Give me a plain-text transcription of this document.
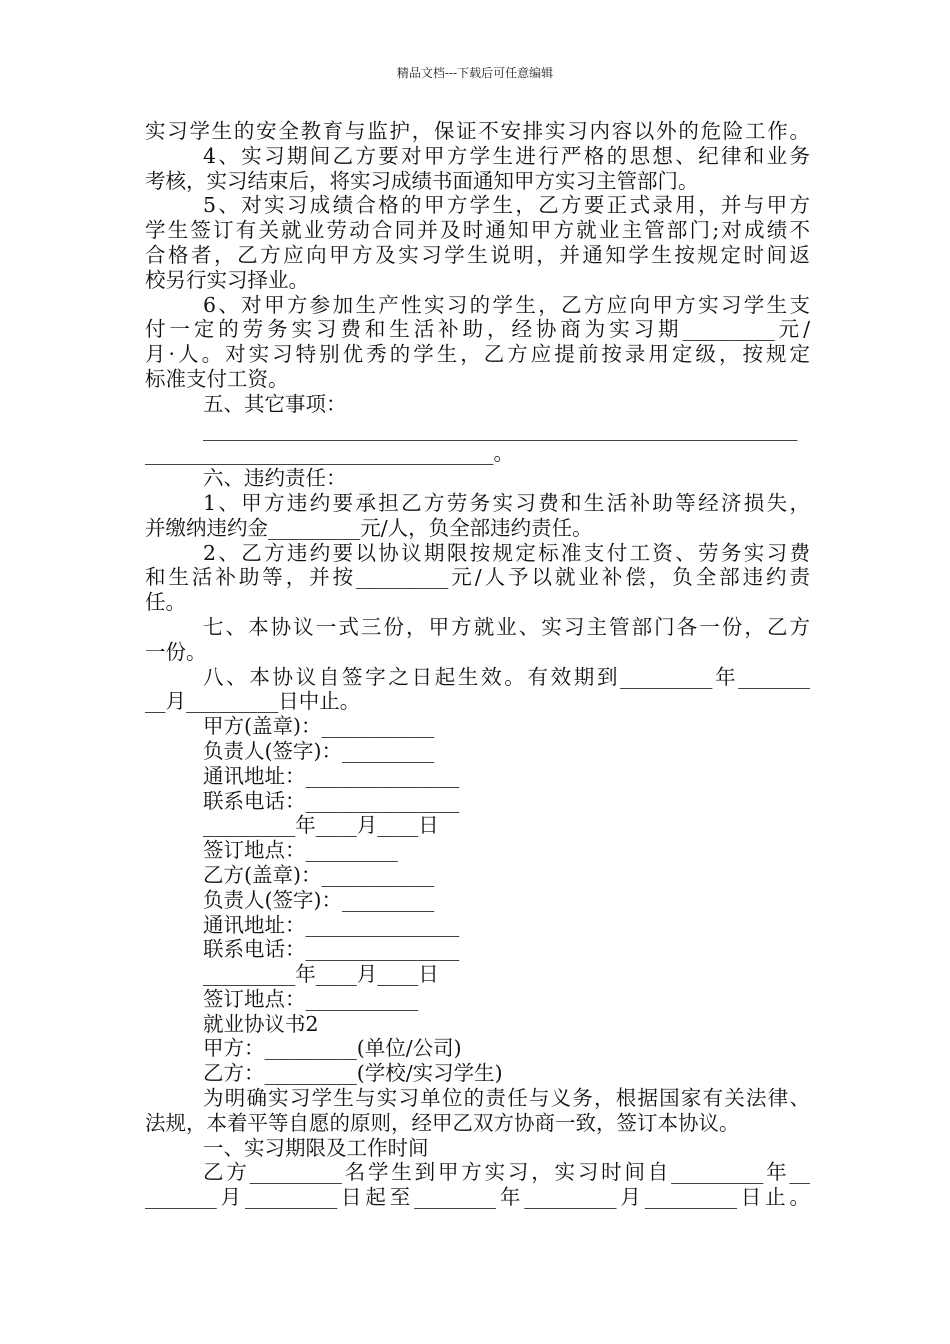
精品文档---下载后可任意编辑
实习学生的安全教育与监护，保证不安排实习内容以外的危险工作。
4、实习期间乙方要对甲方学生进行严格的思想、纪律和业务
考核，实习结束后，将实习成绩书面通知甲方实习主管部门。
5、对实习成绩合格的甲方学生，乙方要正式录用，并与甲方
学生签订有关就业劳动合同并及时通知甲方就业主管部门;对成绩不
合格者，乙方应向甲方及实习学生说明，并通知学生按规定时间返
校另行实习择业。
6、对甲方参加生产性实习的学生，乙方应向甲方实习学生支
付一定的劳务实习费和生活补助，经协商为实习期_________元/
月·人。对实习特别优秀的学生，乙方应提前按录用定级，按规定
标准支付工资。
五、其它事项：
__________________________________________________________
__________________________________。
六、违约责任：
1、甲方违约要承担乙方劳务实习费和生活补助等经济损失，
并缴纳违约金_________元/人，负全部违约责任。
2、乙方违约要以协议期限按规定标准支付工资、劳务实习费
和生活补助等，并按_________元/人予以就业补偿，负全部违约责
任。
七、本协议一式三份，甲方就业、实习主管部门各一份，乙方
一份。
八、本协议自签字之日起生效。有效期到_________年_______
__月_________日中止。
甲方(盖章)：___________
负责人(签字)：_________
通讯地址：_______________
联系电话：_______________
_________年____月____日
签订地点：_________
乙方(盖章)：___________
负责人(签字)：_________
通讯地址：_______________
联系电话：_______________
_________年____月____日
签订地点：___________
就业协议书2
甲方：_________(单位/公司)
乙方：_________(学校/实习学生)
为明确实习学生与实习单位的责任与义务，根据国家有关法律、
法规，本着平等自愿的原则，经甲乙双方协商一致，签订本协议。
一、实习期限及工作时间
乙方_________名学生到甲方实习，实习时间自_________年__
_______月_________日起至________年_________月_________日止。
